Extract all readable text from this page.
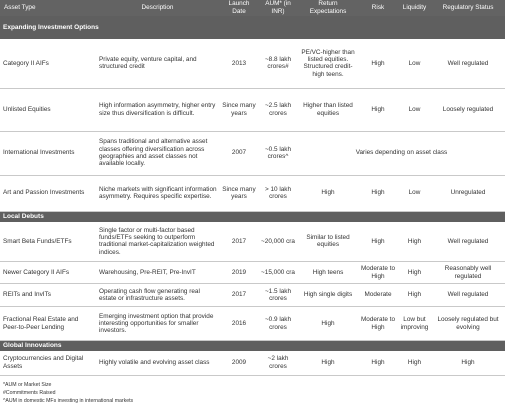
Asset Type	Description	Launch Date	AUM* (in INR)	Return Expectations	Risk	Liquidity	Regulatory Status
Expanding Investment Options							
Category II AIFs	Private equity, venture capital, and structured credit	2013	~8.8 lakh crores#	PE/VC-higher than listed equities. Structured credit-high teens.	High	Low	Well regulated
Unlisted Equities	High information asymmetry, higher entry size thus diversification is difficult.	Since many years	~2.5 lakh crores	Higher than listed equities	High	Low	Loosely regulated
International Investments	Spans traditional and alternative asset classes offering diversification across geographies and asset classes not available locally.	2007	~0.5 lakh crores^	Varies depending on asset class			
Art and Passion Investments	Niche markets with significant information asymmetry. Requires specific expertise.	Since many years	> 10 lakh crores	High	High	Low	Unregulated
Local Debuts							
Smart Beta Funds/ETFs	Single factor or multi-factor based funds/ETFs seeking to outperform traditional market-capitalization weighted indices.	2017	~20,000 cra	Similar to listed equities	High	High	Well regulated
Newer Category II AIFs	Warehousing, Pre-REIT, Pre-InvIT	2019	~15,000 cra	High teens	Moderate to High	High	Reasonably well regulated
REITs and InvITs	Operating cash flow generating real estate or infrastructure assets.	2017	~1.5 lakh crores	High single digits	Moderate	High	Well regulated
Fractional Real Estate and Peer-to-Peer Lending	Emerging investment option that provide interesting opportunities for smaller investors.	2016	~0.9 lakh crores	High	Moderate to High	Low but improving	Loosely regulated but evolving
Global Innovations							
Cryptocurrencies and Digital Assets	Highly volatile and evolving asset class	2009	~2 lakh crores	High	High	High	High
*AUM or Market Size
#Commitments Raised
^AUM in domestic MFs investing in international markets
